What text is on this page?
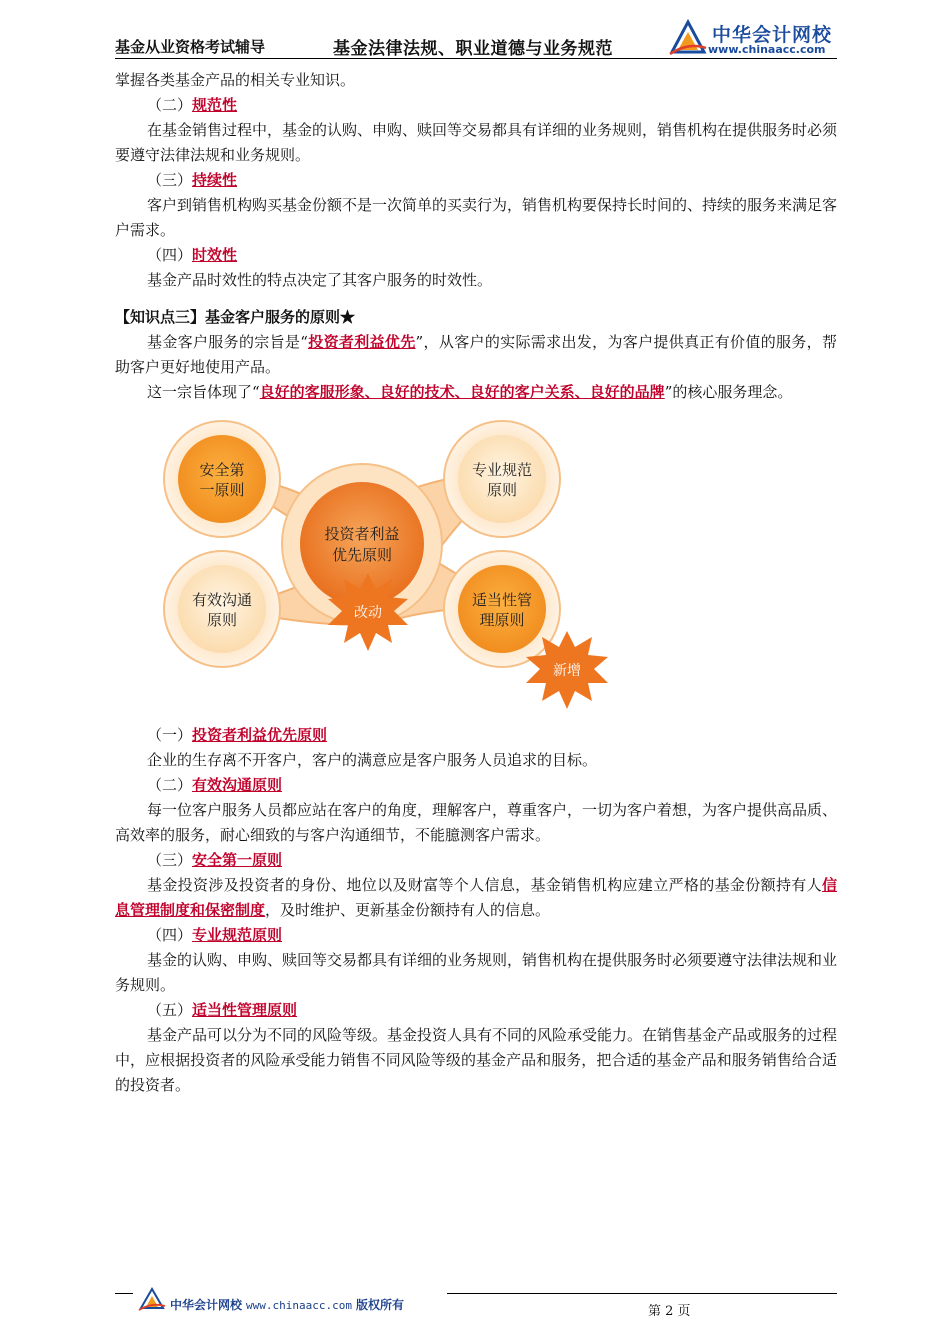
基金从业资格考试辅导	基金法律法规、职业道德与业务规范
中华会计网校
www.chinaacc.com

掌握各类基金产品的相关专业知识。

（二）规范性

在基金销售过程中，基金的认购、申购、赎回等交易都具有详细的业务规则，销售机构在提供服务时必须要遵守法律法规和业务规则。

（三）持续性

客户到销售机构购买基金份额不是一次简单的买卖行为，销售机构要保持长时间的、持续的服务来满足客户需求。

（四）时效性

基金产品时效性的特点决定了其客户服务的时效性。

【知识点三】基金客户服务的原则★

基金客户服务的宗旨是“投资者利益优先”，从客户的实际需求出发，为客户提供真正有价值的服务，帮助客户更好地使用产品。

这一宗旨体现了“良好的客服形象、良好的技术、良好的客户关系、良好的品牌”的核心服务理念。

安全第
一原则
专业规范
原则
有效沟通
原则
适当性管
理原则
投资者利益
优先原则
改动
新增

（一）投资者利益优先原则

企业的生存离不开客户，客户的满意应是客户服务人员追求的目标。

（二）有效沟通原则

每一位客户服务人员都应站在客户的角度，理解客户，尊重客户，一切为客户着想，为客户提供高品质、高效率的服务，耐心细致的与客户沟通细节，不能臆测客户需求。

（三）安全第一原则

基金投资涉及投资者的身份、地位以及财富等个人信息，基金销售机构应建立严格的基金份额持有人信息管理制度和保密制度，及时维护、更新基金份额持有人的信息。

（四）专业规范原则

基金的认购、申购、赎回等交易都具有详细的业务规则，销售机构在提供服务时必须要遵守法律法规和业务规则。

（五）适当性管理原则

基金产品可以分为不同的风险等级。基金投资人具有不同的风险承受能力。在销售基金产品或服务的过程中，应根据投资者的风险承受能力销售不同风险等级的基金产品和服务，把合适的基金产品和服务销售给合适的投资者。

中华会计网校 www.chinaacc.com 版权所有	第 2 页
